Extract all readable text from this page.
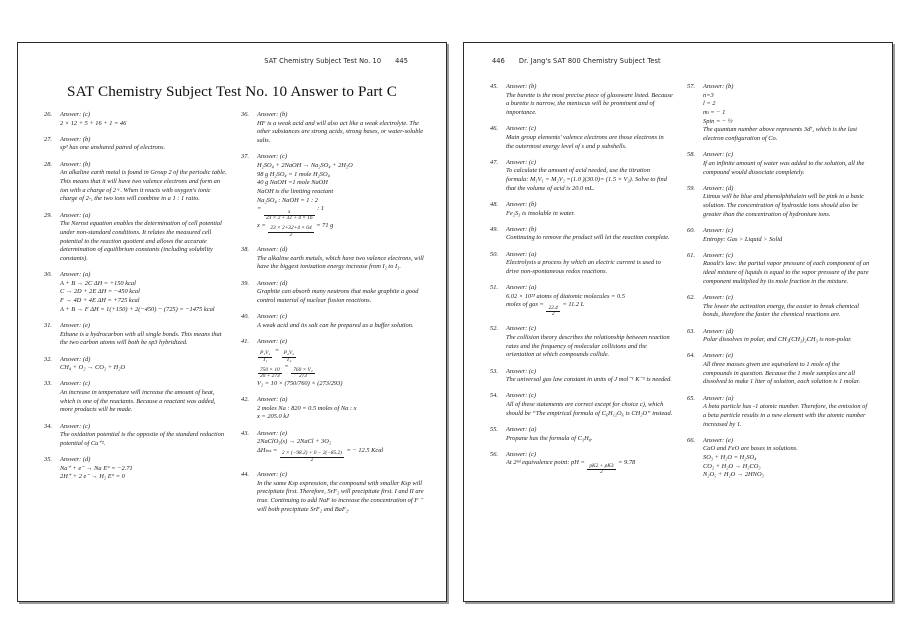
SAT Chemistry Subject Test No. 10 445
SAT Chemistry Subject Test No. 10 Answer to Part C
26.	Answer: (c)
2 × 12 + 5 + 16 + 1 = 46
27.	Answer: (b)
sp³ has one unshared paired of electrons.
28.	Answer: (b)
An alkaline earth metal is found in Group 2 of the periodic table. This means that it will have two valence electrons and form an ion with a charge of 2+. When it reacts with oxygen's ionic charge of 2-, the two ions will combine in a 1 : 1 ratio.
29.	Answer: (a)
The Nernst equation enables the determination of cell potential under non-standard conditions. It relates the measured cell potential to the reaction quotient and allows the accurate determination of equilibrium constants (including solubility constants).
30.	Answer: (a)
A + B → 2C ΔH = +150 kcal
C → 2D + 2E ΔH = −450 kcal
F → 4D + 4E ΔH = +725 kcal
A + B → F ΔH = 1(+150) + 2(−450) − (725) = −1475 kcal
31.	Answer: (e)
Ethane is a hydrocarbon with all single bonds. This means that the two carbon atoms will both be sp3 hybridized.
32.	Answer: (d)
CH₄ + O₂ → CO₂ + H₂O
33.	Answer: (c)
An increase in temperature will increase the amount of heat, which is one of the reactants. Because a reactant was added, more products will be made.
34.	Answer: (c)
The oxidation potential is the opposite of the standard reduction potential of Cu⁺².
35.	Answer: (d)
Na⁺ + e⁻ → Na E° = −2.71
2H⁺ + 2 e⁻ → H₂ E° = 0
36.	Answer: (b)
HF is a weak acid and will also act like a weak electrolyte. The other substances are strong acids, strong bases, or water-soluble salts.
37.	Answer: (c)
H₂SO₄ + 2NaOH → Na₂SO₄ + 2H₂O
98 g H₂SO₄ = 1 mole H₂SO₄
40 g NaOH =1 mole NaOH
NaOH is the limiting reactant
Na₂SO₄ : NaOH = 1 : 2
=
$\frac{x}{23 \times 2 + 32 + 4 \times 16}$
: 1
x =
$\frac{23 \times 2+32+4 \times 64}{2}$
= 71 g
38.	Answer: (d)
The alkaline earth metals, which have two valence electrons, will have the biggest ionization energy increase from I₂ to I₃.
39.	Answer: (d)
Graphite can absorb many neutrons that make graphite a good control material of nuclear fission reactions.
40.	Answer: (c)
A weak acid and its salt can be prepared as a buffer solution.
41.	Answer: (e)
$\frac{\text{P₁V₁}}{\text{T₁}}$
=
$\frac{\text{P₂V₂}}{\text{T₂}}$
$\frac{750 \times 10}{20 + 273}$
=
$\frac{\text{760 × V₂}}{273}$
V₂ = 10 × (750/760) × (273/293)
42.	Answer: (a)
2 moles Na : 820 = 0.5 moles of Na : x
x = 205.0 kJ
43.	Answer: (e)
2NaClO₃(s) → 2NaCl + 3O₂
ΔHₗₙₛ =
$\frac{2 \times (-98.2) + 0 - 2(-85.2)}{2}$
= − 12.5 Kcal
44.	Answer: (c)
In the same Ksp expression, the compound with smaller Ksp will precipitate first. Therefore, SrF₂ will precipitate first. I and II are true. Continuing to add NaF to increase the concentration of F ⁻ will both precipitate SrF₂ and BaF₂.
446 Dr. Jang's SAT 800 Chemistry Subject Test
45.	Answer: (b)
The burette is the most precise piece of glassware listed. Because a burette is narrow, the meniscus will be prominent and of importance.
46.	Answer: (c)
Main group elements' valence electrons are those electrons in the outermost energy level of s and p subshells.
47.	Answer: (c)
To calculate the amount of acid needed, use the titration formula: M₁V₁ = M₂V₂ =(1.0 )(30.0)= (1.5 × V₂). Solve to find that the volume of acid is 20.0 mL.
48.	Answer: (b)
Fe₂S₃ is insoluble in water.
49.	Answer: (b)
Continuing to remove the product will let the reaction complete.
50.	Answer: (a)
Electrolysis a process by which an electric current is used to drive non-spontaneous redox reactions.
51.	Answer: (a)
6.02 × 10²³ atoms of diatomic molecules = 0.5
moles of gas =
$\frac{22.4}{2}$
= 11.2 L
52.	Answer: (c)
The collision theory describes the relationship between reaction rates and the frequency of molecular collisions and the orientation at which compounds collide.
53.	Answer: (c)
The universal gas law constant in units of J mol⁻¹ K⁻¹ is needed.
54.	Answer: (c)
All of these statements are correct except for choice c), which should be “The empirical formula of C₆H₁₂O₆ is CH₂O” instead.
55.	Answer: (a)
Propane has the formula of C₃H₈.
56.	Answer: (c)
At 2ⁿᵈ equivalence point: pH =
$\frac{pK2 + pK3}{2}$
= 9.78
57.	Answer: (b)
n=3
l = 2
mₗ = − 1
Spin = − ½
The quantum number above represents 3d⁷, which is the last electron configuration of Co.
58.	Answer: (c)
If an infinite amount of water was added to the solution, all the compound would dissociate completely.
59.	Answer: (d)
Litmus will be blue and phenolphthalein will be pink in a basic solution. The concentration of hydroxide ions should also be greater than the concentration of hydronium ions.
60.	Answer: (c)
Entropy: Gas > Liquid > Solid
61.	Answer: (c)
Raoult's law: the partial vapor pressure of each component of an ideal mixture of liquids is equal to the vapor pressure of the pure component multiplied by its mole fraction in the mixture.
62.	Answer: (c)
The lower the activation energy, the easier to break chemical bonds, therefore the faster the chemical reactions are.
63.	Answer: (d)
Polar dissolves in polar, and CH₃(CH₂)₂CH₃ is non-polar.
64.	Answer: (e)
All three masses given are equivalent to 1 mole of the compounds in question. Because the 1 mole samples are all dissolved to make 1 liter of solution, each solution is 1 molar.
65.	Answer: (a)
A beta particle has -1 atomic number. Therefore, the emission of a beta particle results in a new element with the atomic number increased by 1.
66.	Answer: (e)
CaO and FeO are bases in solutions.
SO₃ + H₂O = H₂SO₄
CO₂ + H₂O → H₂CO₃
N₂O₅ + H₂O → 2HNO₃
